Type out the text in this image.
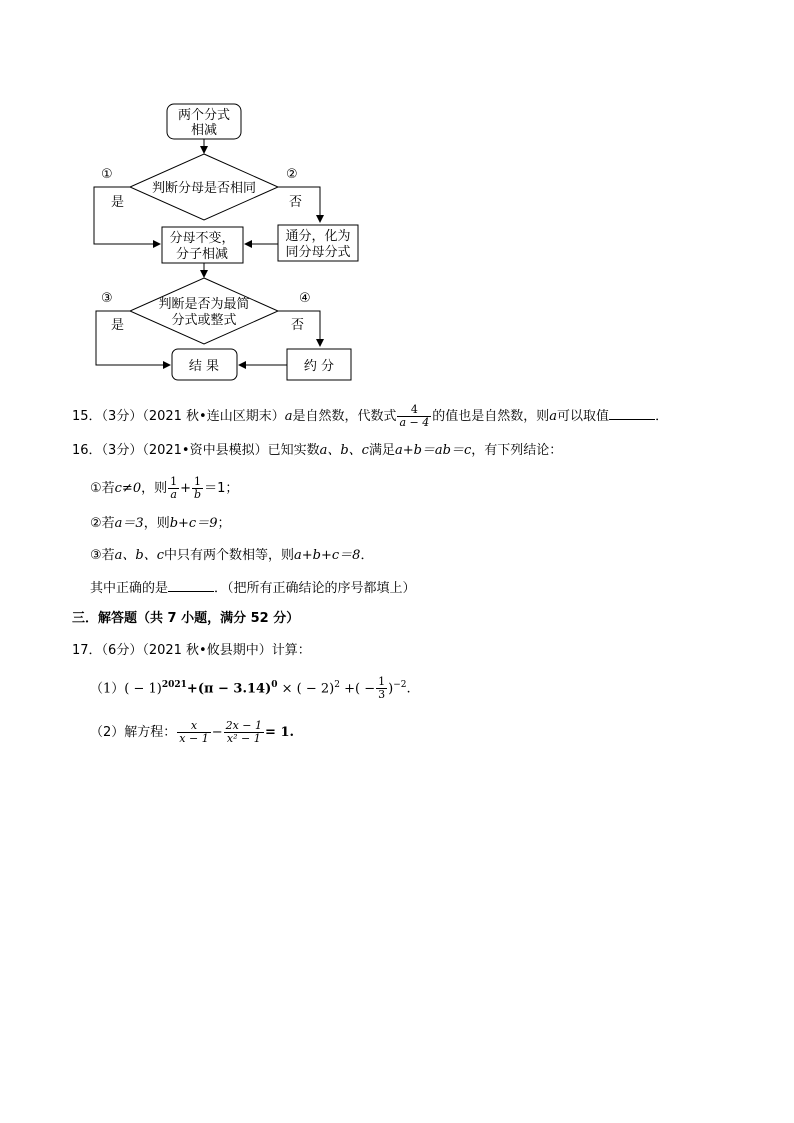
两个分式
相减
判断分母是否相同
①
是
②
否
分母不变，
分子相减
通分，化为
同分母分式
判断是否为最简
分式或整式
③
是
④
否
结 果	约 分
15．（3分）（2021 秋•连山区期末）a是自然数，代数式 $\frac{4}{a - 4}$ 的值也是自然数，则a可以取值	．
16．（3分）（2021•资中县模拟）已知实数a、b、c满足a+b＝ab＝c，有下列结论：
①若c≠0，则 $\frac{1}{a} + \frac{1}{b} =1$；
②若a＝3，则b+c＝9；
③若a、b、c中只有两个数相等，则a+b+c＝8．
其中正确的是	．（把所有正确结论的序号都填上）
三．解答题（共 7 小题，满分 52 分）
17．（6分）（2021 秋•攸县期中）计算：
$(1)( - 1)^{2021}+(\pi - 3.14)^0$ × ( − 2)$^2$ +( − $\frac{1}{3} )^{-2}$.
（2）解方程： $\frac{x}{x - 1} - \frac{2x - 1}{\text{x² − 1}} = 1$.
